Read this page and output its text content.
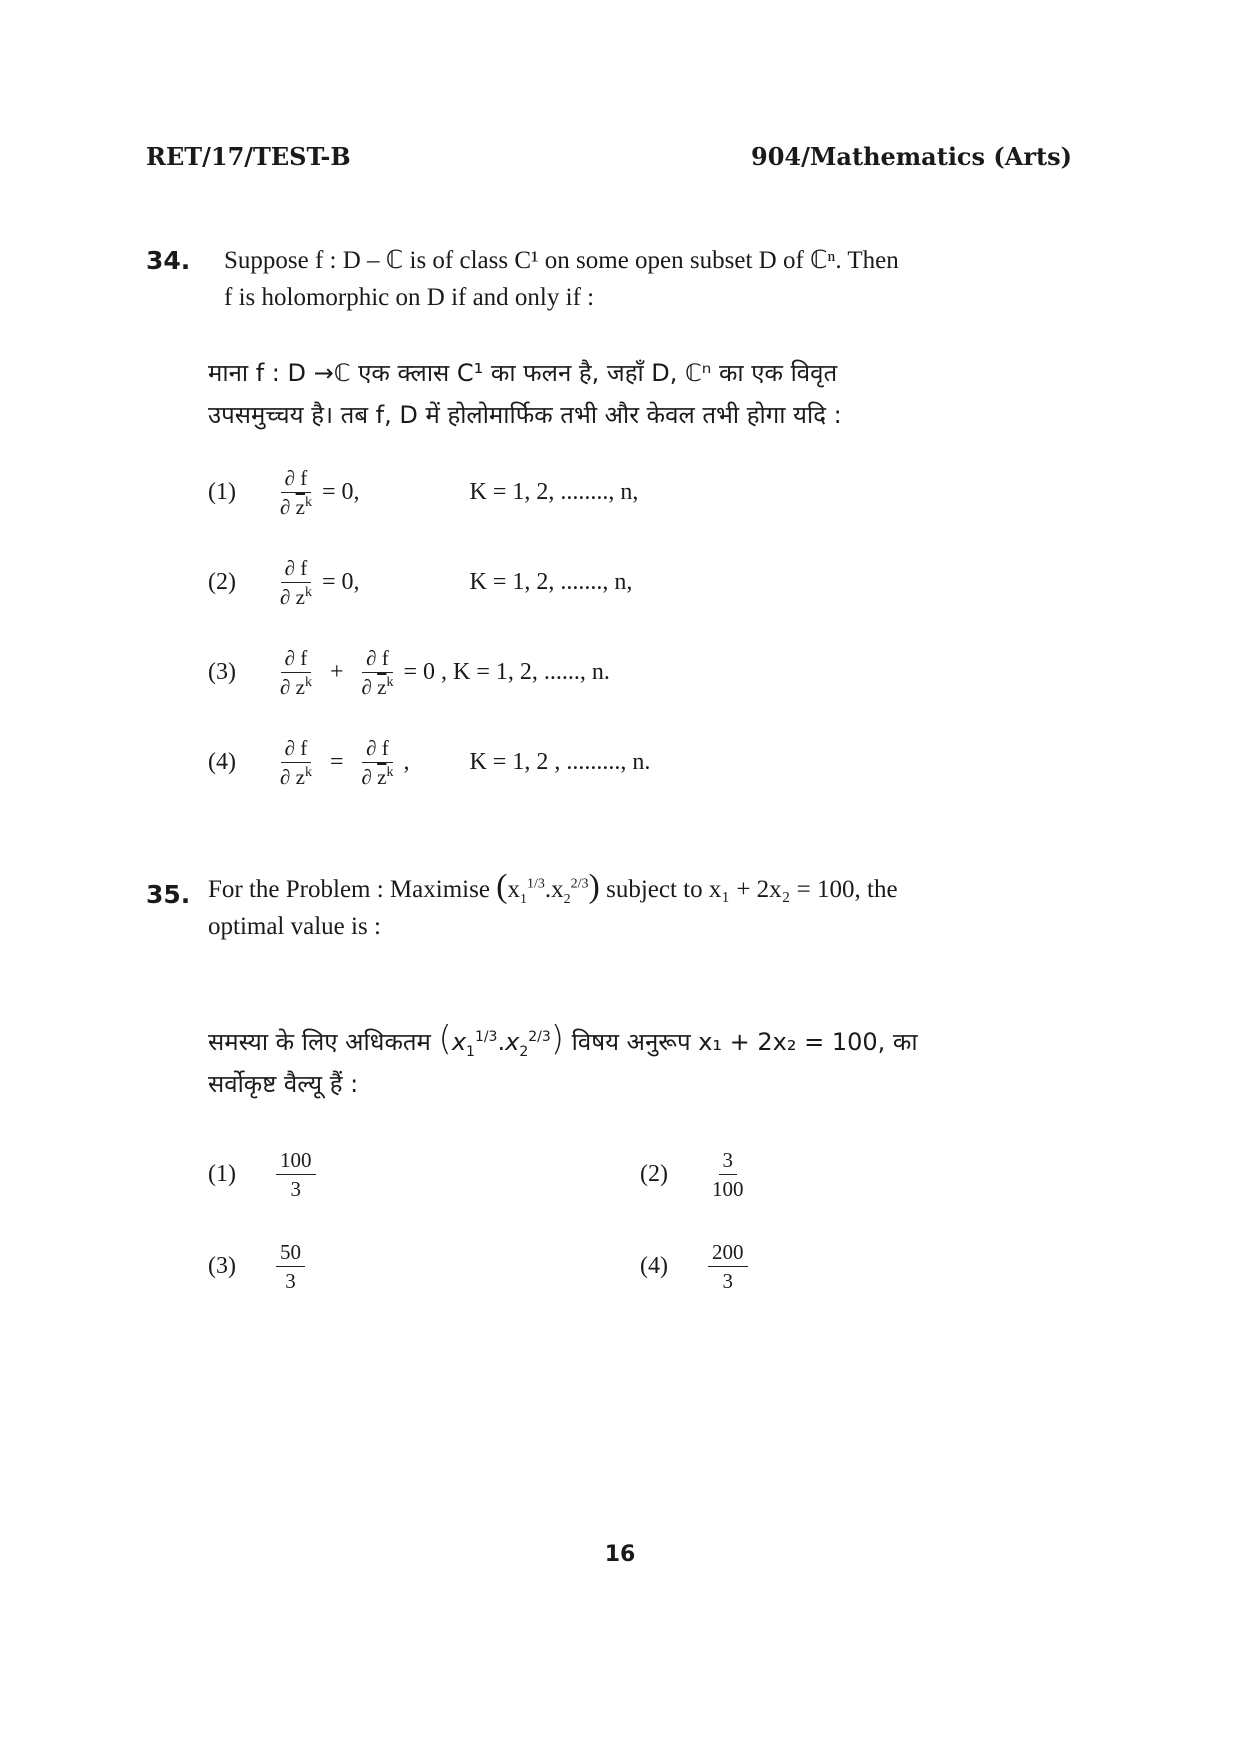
RET/17/TEST-B	904/Mathematics (Arts)
34. Suppose f : D – ℂ is of class C¹ on some open subset D of ℂⁿ. Then
f is holomorphic on D if and only if :
माना f : D →ℂ एक क्लास C¹ का फलन है, जहाँ D, ℂⁿ का एक विवृत
उपसमुच्चय है। तब f, D में होलोमार्फिक तभी और केवल तभी होगा यदि :
(1)	$\frac{\partial f}{\partial \overline{z}^k} = 0$,	K = 1, 2, ........, n,
(2)	$\frac{\partial f}{\partial z^k} = 0$,	K = 1, 2, ......., n,
(3)	$\frac{\partial f}{\partial z^k} + \frac{\partial f}{\partial \overline{z}^k} = 0$ , K = 1, 2, ......, n.
(4)	$\frac{\partial f}{\partial z^k} = \frac{\partial f}{\partial \overline{z}^k}$ ,	K = 1, 2 , ........., n.
35. For the Problem : Maximise $(x_1^{1/3}.x_2^{2/3})$ subject to x₁ + 2x₂ = 100, the
optimal value is :
समस्या के लिए अधिकतम $(x_1^{1/3}.x_2^{2/3})$ विषय अनुरूप x₁ + 2x₂ = 100, का
सर्वोकृष्ट वैल्यू हैं :
(1)	$\frac{100}{3}$	(2)	$\frac{3}{100}$
(3)	$\frac{50}{3}$	(4)	$\frac{200}{3}$
16
